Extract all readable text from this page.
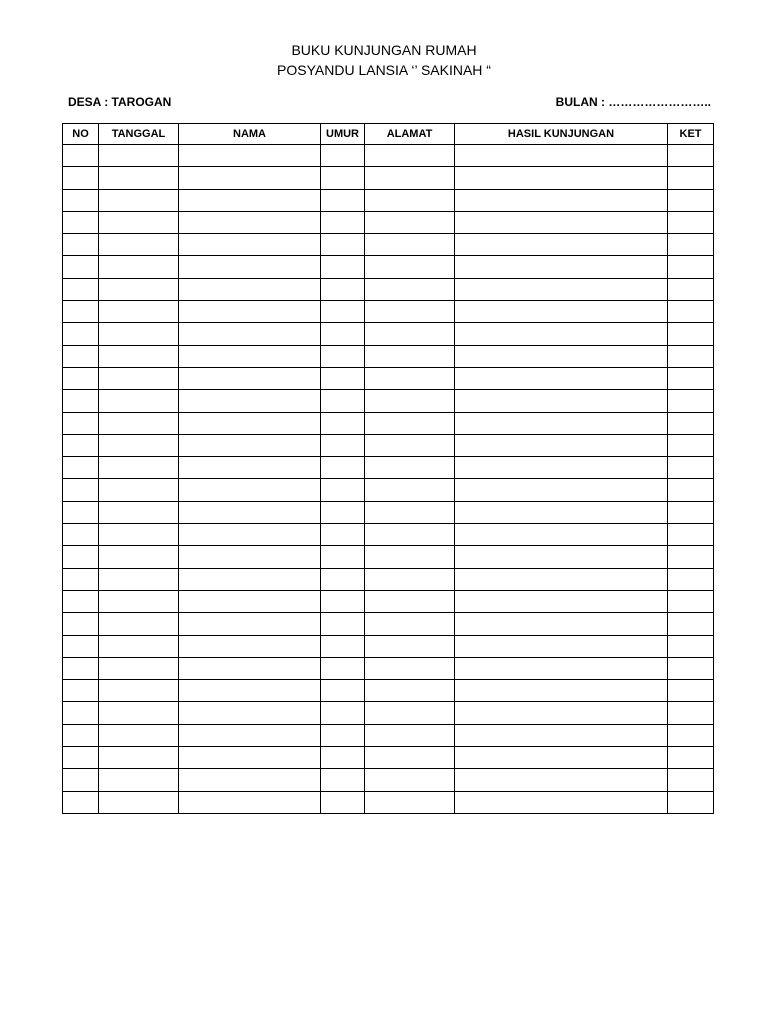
BUKU KUNJUNGAN RUMAH
POSYANDU LANSIA ‘’ SAKINAH “
DESA : TAROGAN	BULAN : ……………………..
NO	TANGGAL	NAMA	UMUR	ALAMAT	HASIL KUNJUNGAN	KET
